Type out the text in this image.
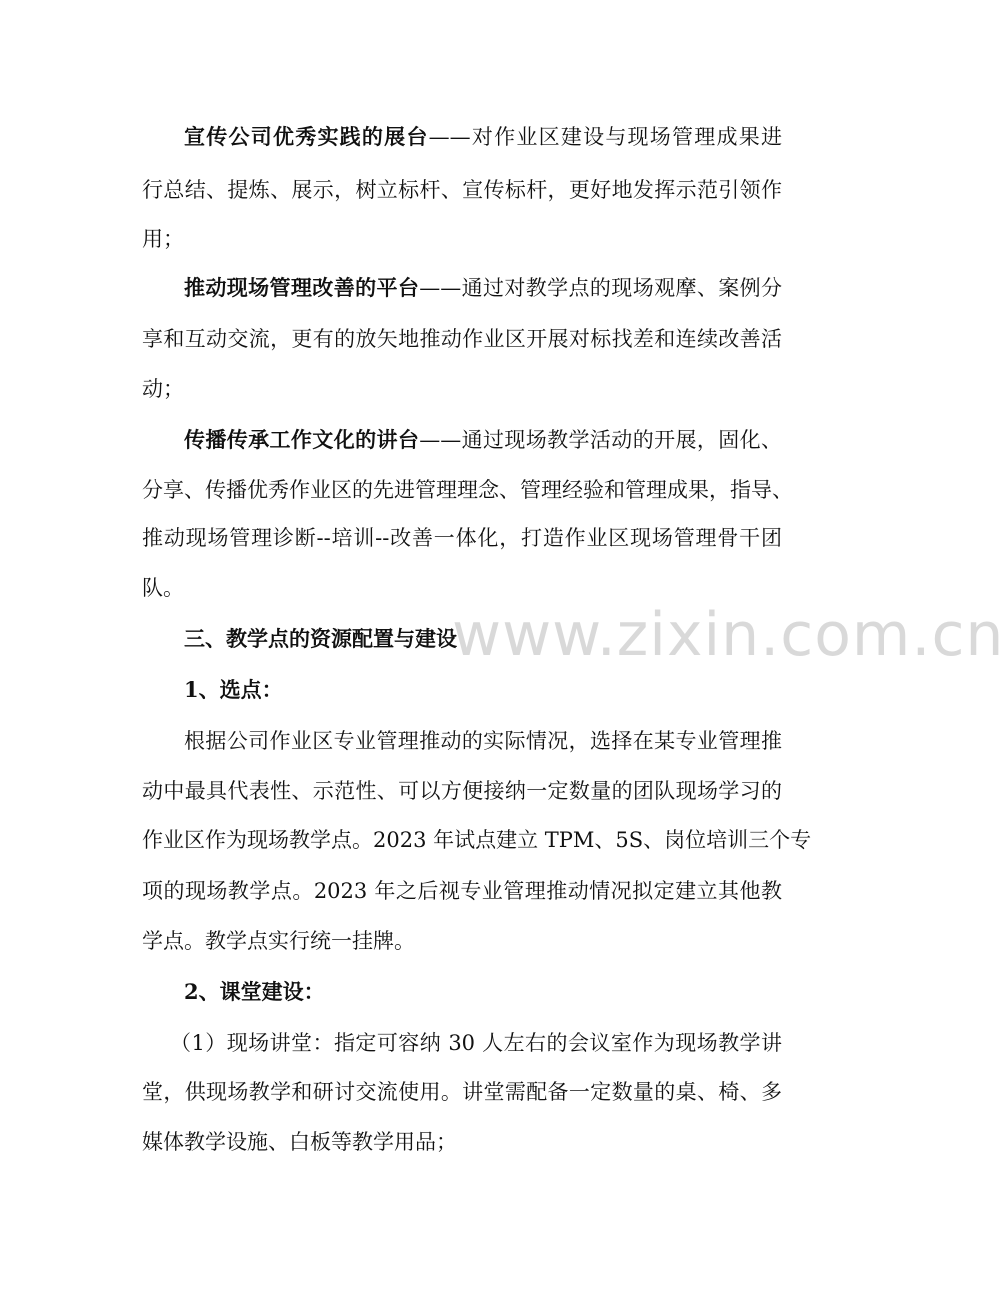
www.zixin.com.cn
宣传公司优秀实践的展台——对作业区建设与现场管理成果进
行总结、提炼、展示，树立标杆、宣传标杆，更好地发挥示范引领作
用；
推动现场管理改善的平台——通过对教学点的现场观摩、案例分
享和互动交流，更有的放矢地推动作业区开展对标找差和连续改善活
动；
传播传承工作文化的讲台——通过现场教学活动的开展，固化、
分享、传播优秀作业区的先进管理理念、管理经验和管理成果，指导、
推动现场管理诊断--培训--改善一体化，打造作业区现场管理骨干团
队。
三、教学点的资源配置与建设
1、选点：
根据公司作业区专业管理推动的实际情况，选择在某专业管理推
动中最具代表性、示范性、可以方便接纳一定数量的团队现场学习的
作业区作为现场教学点。2023 年试点建立 TPM、5S、岗位培训三个专
项的现场教学点。2023 年之后视专业管理推动情况拟定建立其他教
学点。教学点实行统一挂牌。
2、课堂建设：
（1）现场讲堂：指定可容纳 30 人左右的会议室作为现场教学讲
堂，供现场教学和研讨交流使用。讲堂需配备一定数量的桌、椅、多
媒体教学设施、白板等教学用品；
